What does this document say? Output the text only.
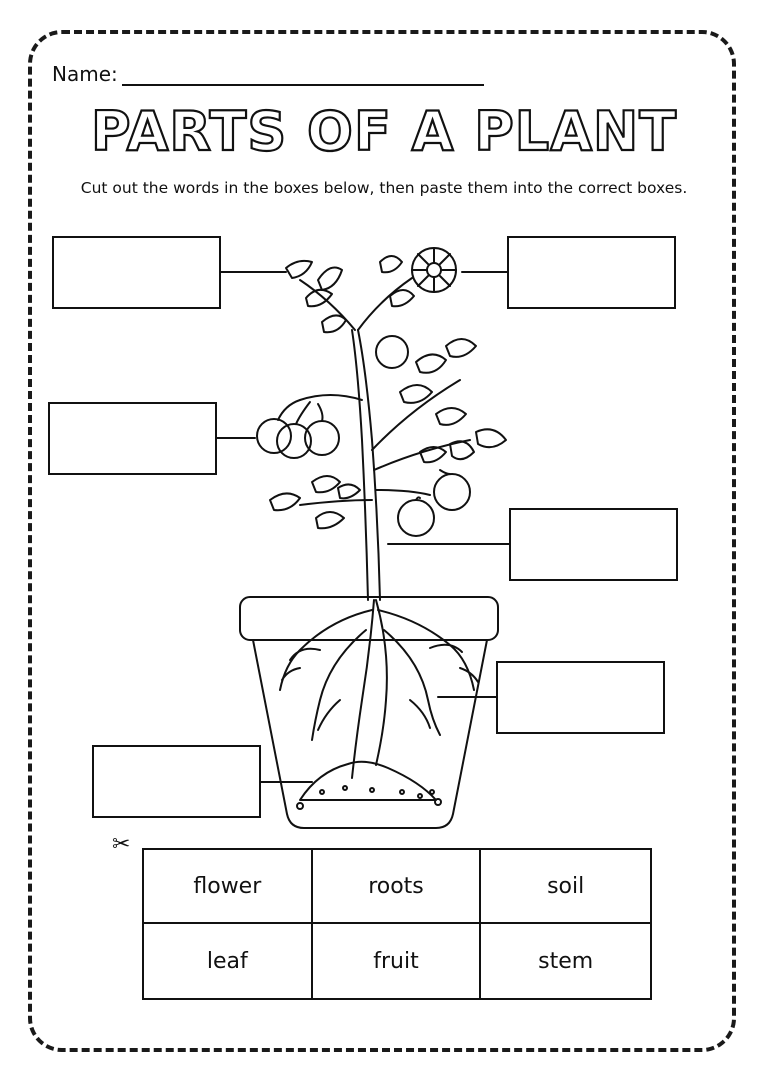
Name:
PARTS OF A PLANT
Cut out the words in the boxes below, then paste them into the correct boxes.
✂
flower	roots	soil
leaf	fruit	stem
